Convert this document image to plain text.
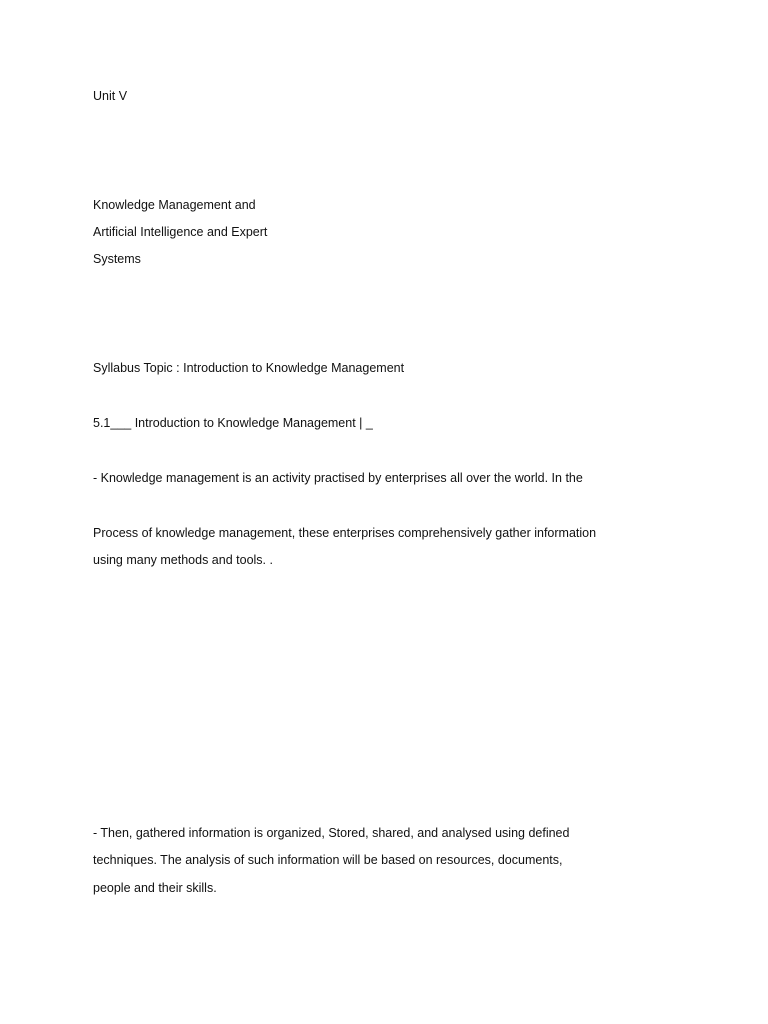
Unit V
Knowledge Management and
Artificial Intelligence and Expert
Systems
Syllabus Topic : Introduction to Knowledge Management
5.1___ Introduction to Knowledge Management | _
- Knowledge management is an activity practised by enterprises all over the world. In the
Process of knowledge management, these enterprises comprehensively gather information
using many methods and tools. .
- Then, gathered information is organized, Stored, shared, and analysed using defined
techniques. The analysis of such information will be based on resources, documents,
people and their skills.
